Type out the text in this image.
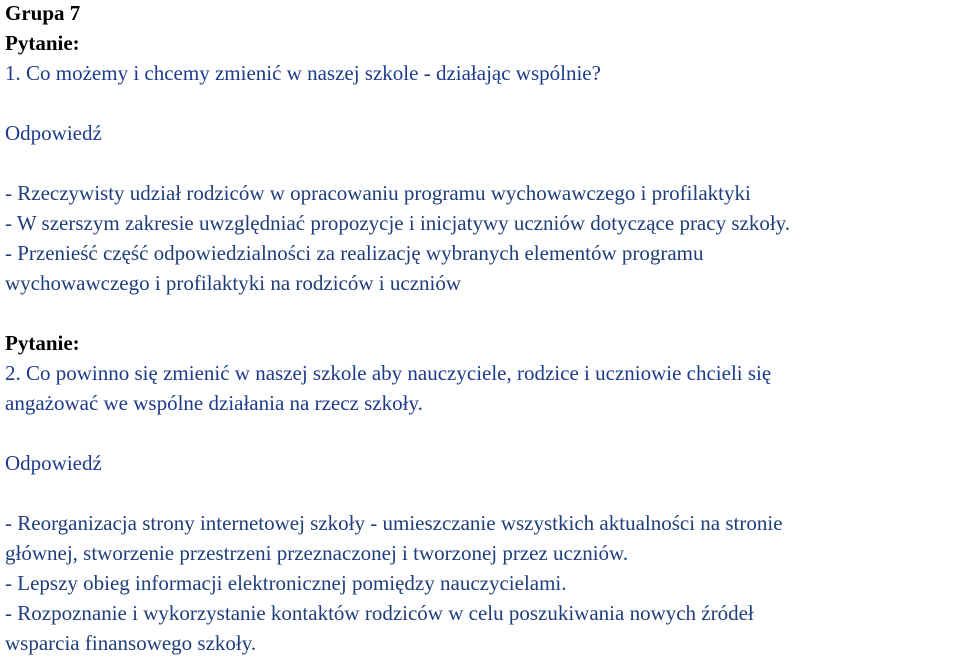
Grupa 7
Pytanie:
1. Co możemy i chcemy zmienić w naszej szkole - działając wspólnie?
Odpowiedź
- Rzeczywisty udział rodziców w opracowaniu programu wychowawczego i profilaktyki
- W szerszym zakresie uwzględniać propozycje i inicjatywy uczniów dotyczące pracy szkoły.
- Przenieść część odpowiedzialności za realizację wybranych elementów programu
wychowawczego i profilaktyki na rodziców i uczniów
Pytanie:
2. Co powinno się zmienić w naszej szkole aby nauczyciele, rodzice i uczniowie chcieli się
angażować we wspólne działania na rzecz szkoły.
Odpowiedź
- Reorganizacja strony internetowej szkoły - umieszczanie wszystkich aktualności na stronie
głównej, stworzenie przestrzeni przeznaczonej i tworzonej przez uczniów.
- Lepszy obieg informacji elektronicznej pomiędzy nauczycielami.
- Rozpoznanie i wykorzystanie kontaktów rodziców w celu poszukiwania nowych źródeł
wsparcia finansowego szkoły.
